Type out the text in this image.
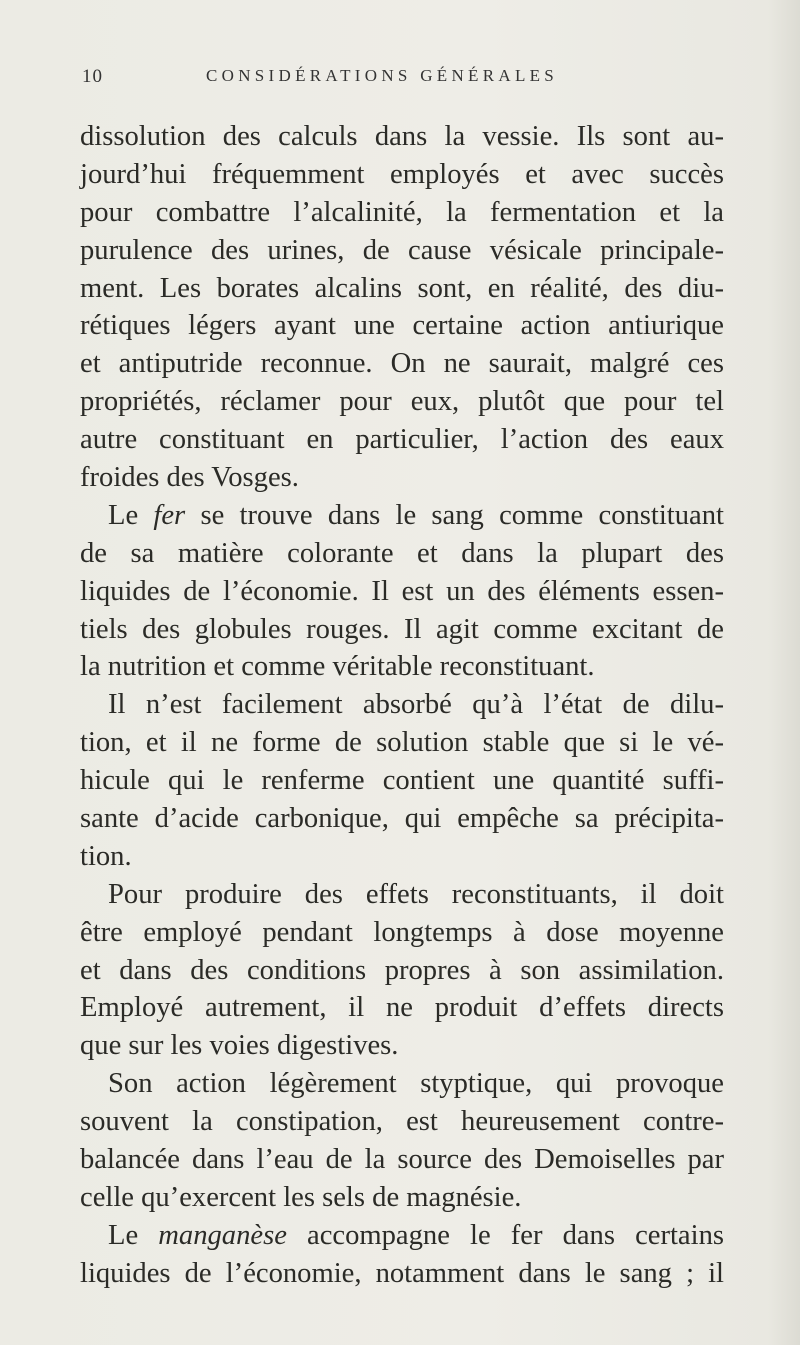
10	CONSIDÉRATIONS GÉNÉRALES
dissolution des calculs dans la vessie. Ils sont au-
jourd’hui fréquemment employés et avec succès
pour combattre l’alcalinité, la fermentation et la
purulence des urines, de cause vésicale principale-
ment. Les borates alcalins sont, en réalité, des diu-
rétiques légers ayant une certaine action antiurique
et antiputride reconnue. On ne saurait, malgré ces
propriétés, réclamer pour eux, plutôt que pour tel
autre constituant en particulier, l’action des eaux
froides des Vosges.
Le fer se trouve dans le sang comme constituant
de sa matière colorante et dans la plupart des
liquides de l’économie. Il est un des éléments essen-
tiels des globules rouges. Il agit comme excitant de
la nutrition et comme véritable reconstituant.
Il n’est facilement absorbé qu’à l’état de dilu-
tion, et il ne forme de solution stable que si le vé-
hicule qui le renferme contient une quantité suffi-
sante d’acide carbonique, qui empêche sa précipita-
tion.
Pour produire des effets reconstituants, il doit
être employé pendant longtemps à dose moyenne
et dans des conditions propres à son assimilation.
Employé autrement, il ne produit d’effets directs
que sur les voies digestives.
Son action légèrement styptique, qui provoque
souvent la constipation, est heureusement contre-
balancée dans l’eau de la source des Demoiselles par
celle qu’exercent les sels de magnésie.
Le manganèse accompagne le fer dans certains
liquides de l’économie, notamment dans le sang ; il
